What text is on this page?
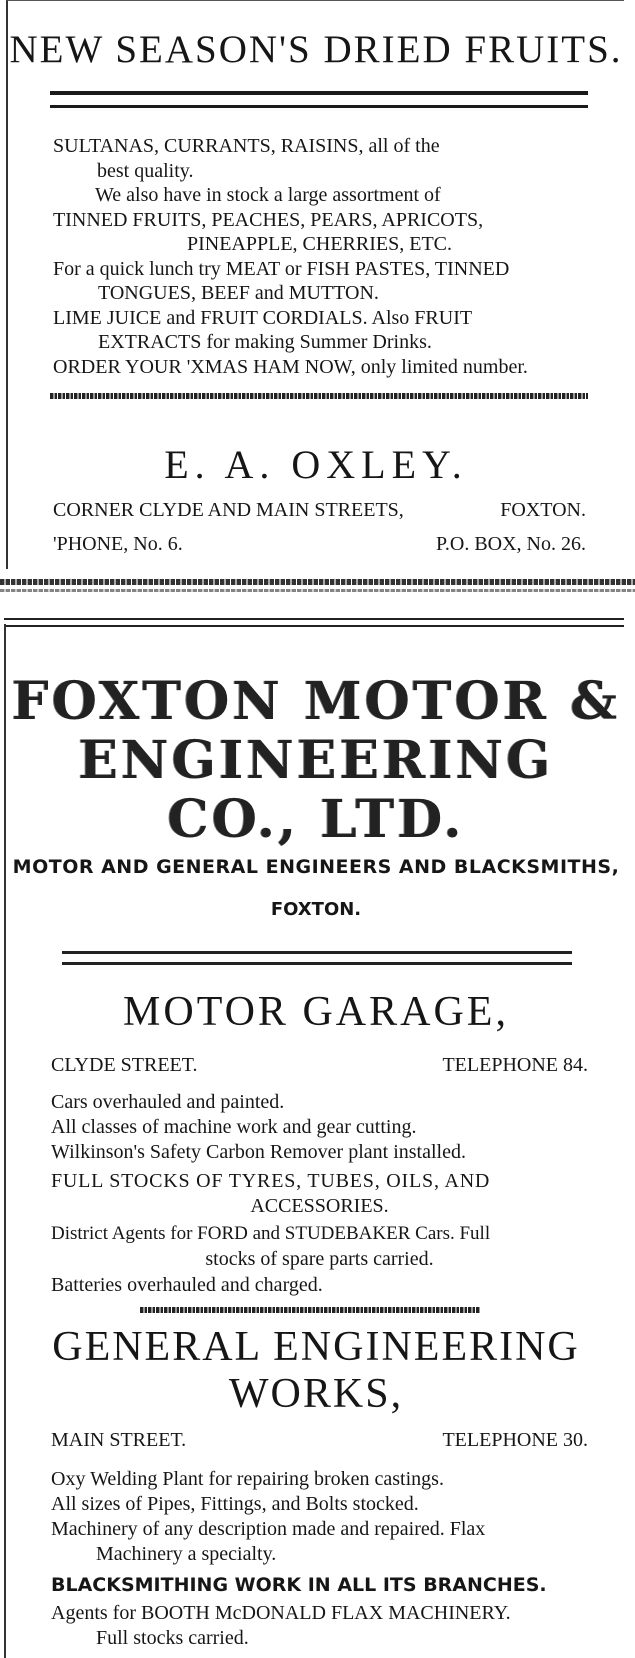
NEW SEASON'S DRIED FRUITS.
SULTANAS, CURRANTS, RAISINS, all of the
best quality.
We also have in stock a large assortment of
TINNED FRUITS, PEACHES, PEARS, APRICOTS,
PINEAPPLE, CHERRIES, ETC.
For a quick lunch try MEAT or FISH PASTES, TINNED
TONGUES, BEEF and MUTTON.
LIME JUICE and FRUIT CORDIALS. Also FRUIT
EXTRACTS for making Summer Drinks.
ORDER YOUR 'XMAS HAM NOW, only limited number.
E. A. OXLEY.
CORNER CLYDE AND MAIN STREETS,	FOXTON.
'PHONE, No. 6.	P.O. BOX, No. 26.
FOXTON MOTOR &
ENGINEERING
CO., LTD.
MOTOR AND GENERAL ENGINEERS AND BLACKSMITHS,
FOXTON.
MOTOR GARAGE,
CLYDE STREET.	TELEPHONE 84.
Cars overhauled and painted.
All classes of machine work and gear cutting.
Wilkinson's Safety Carbon Remover plant installed.
FULL STOCKS OF TYRES, TUBES, OILS, AND
ACCESSORIES.
District Agents for FORD and STUDEBAKER Cars. Full
stocks of spare parts carried.
Batteries overhauled and charged.
GENERAL ENGINEERING
WORKS,
MAIN STREET.	TELEPHONE 30.
Oxy Welding Plant for repairing broken castings.
All sizes of Pipes, Fittings, and Bolts stocked.
Machinery of any description made and repaired. Flax
Machinery a specialty.
BLACKSMITHING WORK IN ALL ITS BRANCHES.
Agents for BOOTH McDONALD FLAX MACHINERY.
Full stocks carried.
